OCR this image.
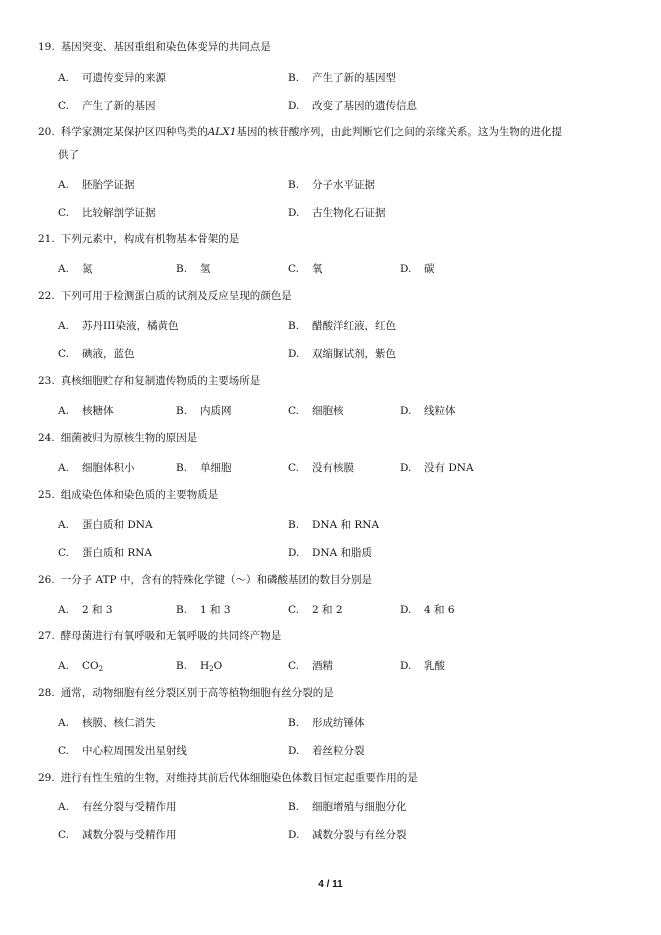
19. 基因突变、基因重组和染色体变异的共同点是
A. 可遗传变异的来源	B. 产生了新的基因型
C. 产生了新的基因	D. 改变了基因的遗传信息
20. 科学家测定某保护区四种鸟类的ALX1基因的核苷酸序列，由此判断它们之间的亲缘关系。这为生物的进化提
供了
A. 胚胎学证据	B. 分子水平证据
C. 比较解剖学证据	D. 古生物化石证据
21. 下列元素中，构成有机物基本骨架的是
A. 氮	B. 氢	C. 氧	D. 碳
22. 下列可用于检测蛋白质的试剂及反应呈现的颜色是
A. 苏丹III染液，橘黄色	B. 醋酸洋红液，红色
C. 碘液，蓝色	D. 双缩脲试剂，紫色
23. 真核细胞贮存和复制遗传物质的主要场所是
A. 核糖体	B. 内质网	C. 细胞核	D. 线粒体
24. 细菌被归为原核生物的原因是
A. 细胞体积小	B. 单细胞	C. 没有核膜	D. 没有 DNA
25. 组成染色体和染色质的主要物质是
A. 蛋白质和 DNA	B. DNA 和 RNA
C. 蛋白质和 RNA	D. DNA 和脂质
26. 一分子 ATP 中，含有的特殊化学键（～）和磷酸基团的数目分别是
A. 2 和 3	B. 1 和 3	C. 2 和 2	D. 4 和 6
27. 酵母菌进行有氧呼吸和无氧呼吸的共同终产物是
A. $CO_2$	B. $H_2O$	C. 酒精	D. 乳酸
28. 通常，动物细胞有丝分裂区别于高等植物细胞有丝分裂的是
A. 核膜、核仁消失	B. 形成纺锤体
C. 中心粒周围发出星射线	D. 着丝粒分裂
29. 进行有性生殖的生物，对维持其前后代体细胞染色体数目恒定起重要作用的是
A. 有丝分裂与受精作用	B. 细胞增殖与细胞分化
C. 减数分裂与受精作用	D. 减数分裂与有丝分裂
4 / 11
